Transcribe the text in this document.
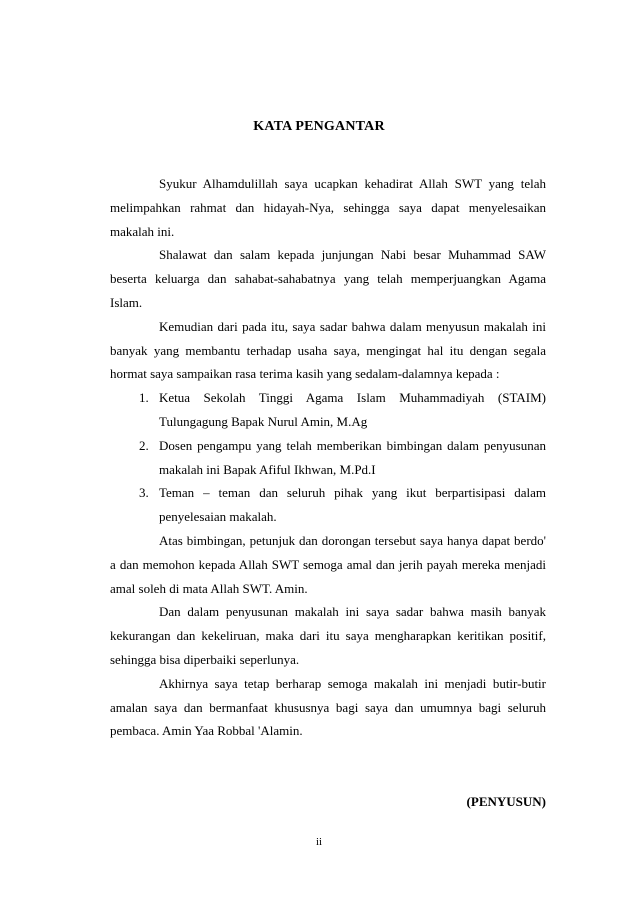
KATA PENGANTAR

Syukur Alhamdulillah saya ucapkan kehadirat Allah SWT yang telah melimpahkan rahmat dan hidayah-Nya, sehingga saya dapat menyelesaikan makalah ini.

Shalawat dan salam kepada junjungan Nabi besar Muhammad SAW beserta keluarga dan sahabat-sahabatnya yang telah memperjuangkan Agama Islam.

Kemudian dari pada itu, saya sadar bahwa dalam menyusun makalah ini banyak yang membantu terhadap usaha saya, mengingat hal itu dengan segala hormat saya sampaikan rasa terima kasih yang sedalam-dalamnya kepada :

1. Ketua Sekolah Tinggi Agama Islam Muhammadiyah (STAIM) Tulungagung Bapak Nurul Amin, M.Ag
2. Dosen pengampu yang telah memberikan bimbingan dalam penyusunan makalah ini Bapak Afiful Ikhwan, M.Pd.I
3. Teman – teman dan seluruh pihak yang ikut berpartisipasi dalam penyelesaian makalah.

Atas bimbingan, petunjuk dan dorongan tersebut saya hanya dapat berdo' a dan memohon kepada Allah SWT semoga amal dan jerih payah mereka menjadi amal soleh di mata Allah SWT. Amin.

Dan dalam penyusunan makalah ini saya sadar bahwa masih banyak kekurangan dan kekeliruan, maka dari itu saya mengharapkan keritikan positif, sehingga bisa diperbaiki seperlunya.

Akhirnya saya tetap berharap semoga makalah ini menjadi butir-butir amalan saya dan bermanfaat khususnya bagi saya dan umumnya bagi seluruh pembaca. Amin Yaa Robbal 'Alamin.

(PENYUSUN)
ii
